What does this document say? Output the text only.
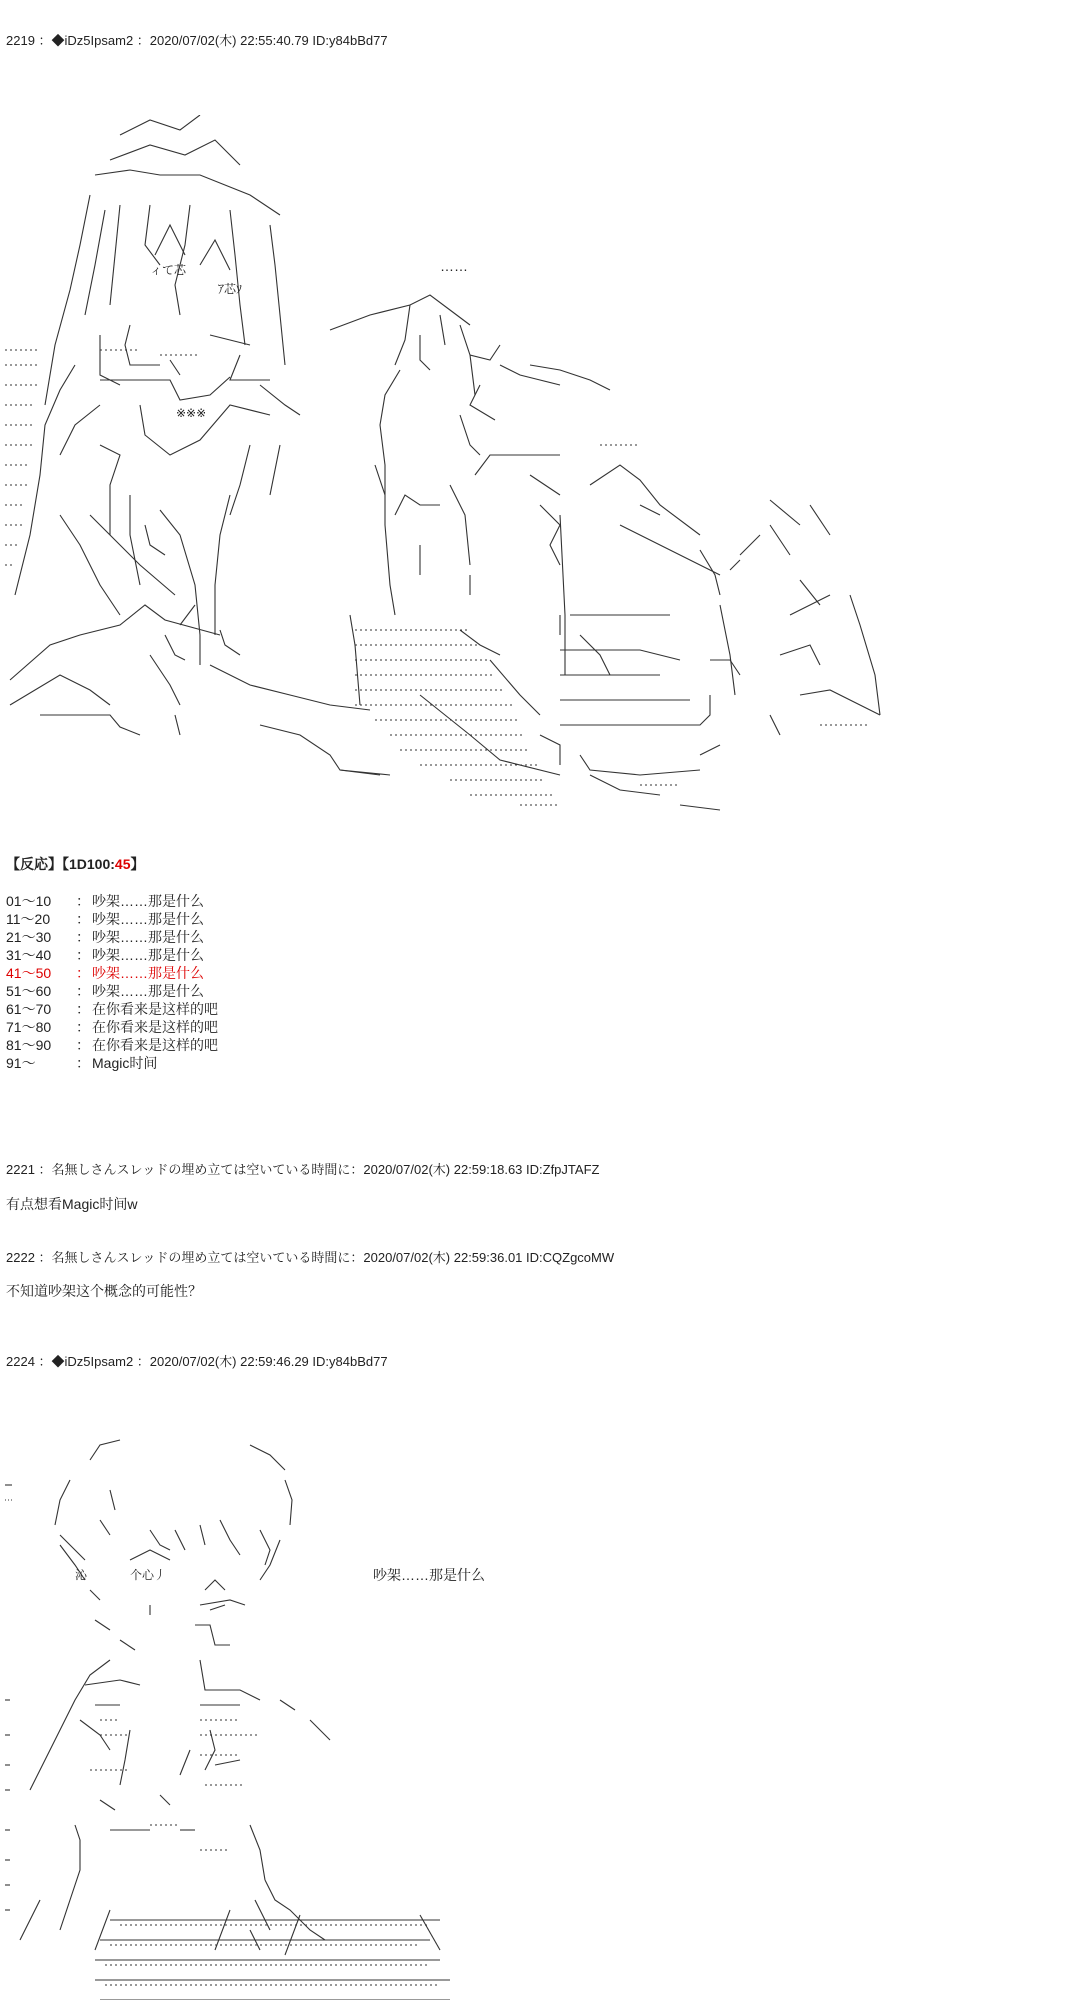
2219 ：◆iDz5Ipsam2 ：2020/07/02(木) 22:55:40.79 ID:y84bBd77
……
ィて芯
ｱ芯ｿ
※※※
【反応】【1D100:45】
01～10 ： 吵架……那是什么
11～20 ： 吵架……那是什么
21～30 ： 吵架……那是什么
31～40 ： 吵架……那是什么
41～50 ： 吵架……那是什么
51～60 ： 吵架……那是什么
61～70 ： 在你看来是这样的吧
71～80 ： 在你看来是这样的吧
81～90 ： 在你看来是这样的吧
91～	： Magic时间
2221 ：名無しさんスレッドの埋め立ては空いている時間に：2020/07/02(木) 22:59:18.63 ID:ZfpJTAFZ
有点想看Magic时间w
2222 ：名無しさんスレッドの埋め立ては空いている時間に：2020/07/02(木) 22:59:36.01 ID:CQZgcoMW
不知道吵架这个概念的可能性？
2224 ：◆iDz5Ipsam2 ：2020/07/02(木) 22:59:46.29 ID:y84bBd77
沁	个心丿	吵架……那是什么
